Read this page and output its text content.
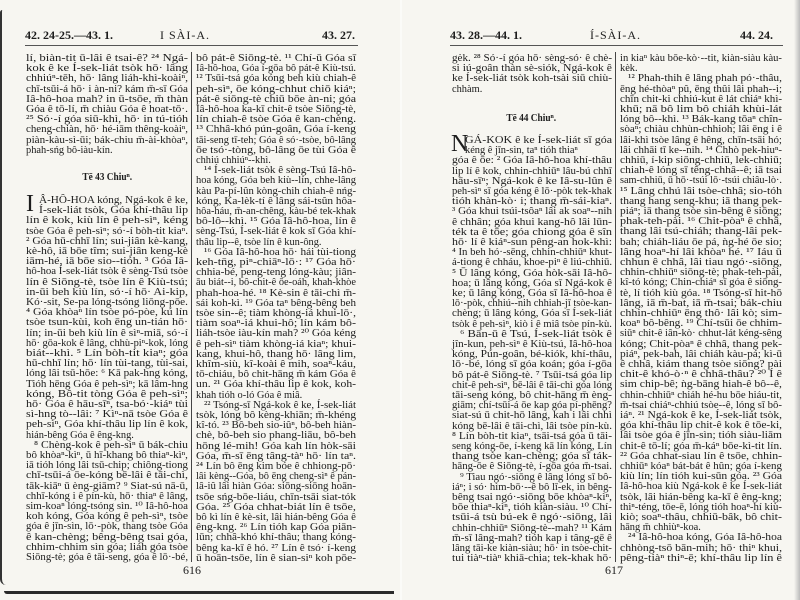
42. 24-25.—43. 1.	I SÀI-A.	43. 27.
lí, biàn-tit ū-lâi ê tsai-ê? ²⁴ Ngá-
kok ê ke Í-sek-liát tsòk hō· lâng
chhiúⁿ-tēh, hō· lâng liáh-khì-koàiⁿ,
chī-tsūi-á hō· i àn-ni? kám m̄-sī Góa
Iâ-hô-hoa mah? in ū-tsōe, m̄ thàn
Góa ê tō-lí, m̄ chiàu Góa ê hoat-tō·.
²⁵ Só·-í góa siū-khì, hō· in tú-tióh
cheng-chiàn, hō· hé-iām thêng-koàiⁿ,
piàn-kàu-sì-ūi; bák-chiu m̄-ài-khòaⁿ,
phah-sńg bô-iàu-kín.
Tē 43 Chiuⁿ.
I Â-HÔ-HOA kóng, Ngá-kok ê ke,
Í-sek-liát tsòk, Góa khí-thâu lip
lín ê kok, kiù lín ê peh-sìⁿ, kéng
tsòe Góa ê peh-sìⁿ; só·-í bòh-tit kiaⁿ.
² Góa hū-chhī lín; sui-jiân kè-kang,
kè-hô, iā bōe tîm; sui-jiân keng-kè
iām-hé, iā bōe sio--tióh. ³ Góa Iâ-
hô-hoa Í-sek-liát tsòk ê sèng-Tsú tsòe
lín ê Siōng-tè, tsòe lín ê Kiù-tsú;
in-ūi beh kiù lín, só·-í hō· Ai-kip,
Kó·-sit, Se-pa lóng-tsóng liōng-pōe.
⁴ Góa khòaⁿ lín tsòe pó-pòe, kú lín
tsòe tsun-kùi, koh ēng un-tián hō·
lín; in-ūi beh kiù lín ê sìⁿ-miā, só·-í
hō· gōa-kok ê lâng, chhù-piⁿ-kok, lóng
biát--khì. ⁵ Lín bòh-tit kiaⁿ; góa
hū-chhī lín; hō· lín tùi-tang, tùi-sai,
lóng lâi tsū-hōe: ⁶ Kā pak-hng kóng,
Tióh hēng Góa ê peh-sìⁿ; kā lâm-hng
kóng, Bô-tit tòng Góa ê peh-sìⁿ;
hō· Góa ê hāu-sīⁿ, tsa-bó·-kiáⁿ tùi
sì-hng tò--lâi: ⁷ Kìⁿ-nā tsòe Góa ê
peh-sìⁿ, Góa khí-thâu lip lín ê kok,
hián-bêng Góa ê êng-kng.
⁸ Chèng-kok ê peh-sìⁿ ū bák-chiu
bô khòaⁿ-kìⁿ, ū hī-khang bô thiaⁿ-kìⁿ,
iā tióh lóng lâi tsū-chip; chiông-tiong
chī-tsūi-á ōe-kóng bē-lâi ê tāi-chì,
tāk-kiāⁿ ū èng-giām? ⁹ Siat-sú nā-ū,
chhī-kóng i ê pín-kù, hō· thiaⁿ ê lâng,
sim-koaⁿ lóng-tsóng sìn. ¹⁰ Iâ-hô-hoa
koh kóng, Góa kóng ê peh-sìⁿ, tsòe
góa ê jīn-sìn, lō·-pòk, thang tsòe Góa
ê kan-chèng; bêng-bêng tsai góa,
chhim-chhim sìn góa; liáh góa tsòe
Siōng-tè; góa ê tāi-seng, góa ê lō·-bé,
bô pát-ê Siōng-tè. ¹¹ Chí-ū Góa sī
Iâ-hô-hoa, Góa í-gōa bô pát-ê Kiù-tsú.
¹² Tsūi-tsá góa kóng beh kiù chiah-ê
peh-sìⁿ, ōe kóng-chhut chiō kiáⁿ;
pát-ê siōng-tè chiū bōe àn-ni; góa
Iâ-hô-hoa ka-kī chit-ê tsòe Siōng-tè,
lín chiah-ê tsòe Góa ê kan-chèng.
¹³ Chhâ-khó pún-goân, Góa í-keng
tāi-seng tī-teh; Góa ê só·-tsòe, bô-lâng
ōe tsó·-tòng, bô-lâng ōe tùi Góa ê
chhiú chhiúⁿ--khì.
¹⁴ Í-sek-liát tsòk ê sèng-Tsú Iâ-hô-
hoa kóng, Góa beh kiù--lín, chhe-lâng
kàu Pa-pí-lûn kòng-chih chiah-ê nńg-
kóng, Ka-lèk-tí ê lâng sái-tsûn hôa-
hôa-háu, m̄-an-chêng, kàu-bé tek-khak
bô-lô--khì. ¹⁵ Góa Iâ-hô-hoa, lín ê
sèng-Tsú, Í-sek-liát ê kok sī Góa khí-
thâu lip--ê, tsòe lín ê kun-ông.
¹⁶ Góa Iâ-hô-hoa hō· hái tùi-tiong
keh-tn̄g, piⁿ-chiāⁿ-lō·: ¹⁷ Góa hō·
chhia-bé, peng-teng lóng-kàu; jiân-
āu biát--i, bô-chit-ê ōe-oáh, khah-khòe
phah-hoa-hé. ¹⁸ Kè-sin ê tāi-chì m̄-
sái koh-kì. ¹⁹ Góa taⁿ bêng-bêng beh
tsòe sin--ê; tiàm khòng-iá khui-lō·,
tiàm soaⁿ-iá khui-hô; lín kám bô-
liáh-tsòe iàu-kín mah? ²⁰ Góa kéng
ê peh-sìⁿ tiàm khòng-iá kiaⁿ; khui-
kang, khui-hô, thang hō· lâng lim,
khîm-siù, kî-koài ê mih, soaⁿ-káu,
tō-chiáu, bô chit-hāng m̄ kám Góa ê
un. ²¹ Góa khí-thâu lip ê kok, koh-
khah tióh o-ló Góa ê miâ.
²² Tsóng-sī Ngá-kok ê ke, Í-sek-liát
tsòk, lóng bô kèng-khiān; m̄-khéng
kî-tó. ²³ Bô-beh sio-iûⁿ, bô-beh hiàn-
chè, bô-beh sio phang-liāu, bô-beh
hōng lé-mih! Góa kah lín hòk-sāi
Góa, m̄-sī ēng tâng-tàⁿ hō· lín taⁿ.
²⁴ Lín bô ēng kim bóe ê chhiong-pō·
lâi kèng--Góa, bô ēng cheng-sìⁿ ê pán-
lâ-iû lâi hiàn Góa: siōng-siōng hoān-
tsōe sńg-bōe-liáu, chīn-tsāi siat-tók
Góa. ²⁵ Góa chhat-biát lín ê tsōe,
bô kì lín ê kè-sit, lâi hián-bêng Góa ê
êng-kng. ²⁶ Lín tióh kap Góa piān-
lūn; chhâ-khó khí-thâu; thang kóng-
bêng ka-kī ê hó. ²⁷ Lín ê tsó· í-keng
ū hoān-tsōe, lín ê sian-siⁿ koh pōe-
616
43. 28.—44. 1.	Í-SÀI-A.	44. 24.
gėk. ²⁸ Só·-í góa hō· sèng-só· ê chè-
si iú-goân thàn sè-siók, Ngá-kok ê
ke Í-sek-liát tsòk koh-tsài siū chiù-
chhàm.
Tē 44 Chiuⁿ.
N
GÁ-KOK ê ke Í-sek-liát sī góa
kéng ê jīn-sìn, taⁿ tióh thiaⁿ
góa ê ōe: ² Góa Iâ-hô-hoa khí-thâu
lip lí ê kok, chhin-chhiūⁿ lâu-bú chhī
hāu-sīⁿ; Ngá-kok ê ke Iâ-su-lûn ê
peh-sìⁿ sī góa kéng ê lō·-pòk tek-khak
tióh khàn-kò· i; thang m̄-sái-kiaⁿ.
³ Góa khui tsúi-tsôaⁿ lâi ak soaⁿ--nih
ê chhân; góa khui kang-hô lâi lūn-
ték ta ê tōe; góa chiong góa ê sîn
hō· lí ê kiáⁿ-sun pêng-an hok-khì:
⁴ In beh hó·-sēng, chhin-chhiūⁿ khut-
á-tiong ê chháu, khoe-piⁿ ê liú-chhiū.
⁵ Ū lâng kóng, Góa hòk-sāi Iâ-hô-
hoa; ū lâng kóng, Góa sī Ngá-kok ê
ke; ū lâng kóng, Góa sī Iâ-hô-hoa ê
lō·-pòk, chhiú--nih chhiah-jī tsòe-kan-
chèng; ū lâng kóng, Góa sī Í-sek-liát
tsòk ê peh-sìⁿ, kiò i ê miâ tsòe pín-kù.
⁶ Bān-ū ê Tsú, Í-sek-liát tsòk ê
jîn-kun, peh-sìⁿ ê Kiù-tsú, Iâ-hô-hoa
kóng, Pún-goân, bé-kiók, khí-thâu,
lō·-bé, lóng sī góa koán; góa í-gōa
bô pát-ê Siōng-tè. ⁷ Tsūi-tsá góa lip
chit-ê peh-sìⁿ, bē-lâi ê tāi-chì góa lóng
tāi-seng kóng, bô chit-hāng m̄ èng-
giām; chí-tsūi-á ōe kap góa pí-phēng?
siat-sú ū chit-hō lâng, kah i lâi chhì
kóng bē-lâi ê tāi-chì, lâi tsòe pín-kù.
⁸ Lín bòh-tit kiaⁿ, tsāi-tsá góa ū tāi-
seng kóng-ōe, í-keng kā lín kóng, Lín
thang tsòe kan-chèng; góa sī ták-
hāng-ōe ê Siōng-tè, í-gōa góa m̄-tsai.
⁹ Tiau ngó·-siōng ê lâng lóng sī bô-
iáⁿ; i só· hìm-bō·--ê bô lī-ek, in bêng-
bêng tsai ngó·-siōng bōe khòaⁿ-kìⁿ,
bōe thiaⁿ-kìⁿ, tióh kiàn-siàu. ¹⁰ Chí-
tsūi-á tsù bú-ek ê ngó·-siōng, lâi
chhin-chhiūⁿ Siōng-tè--mah? ¹¹ Kám
m̄-sī lâng-mah? tióh kap i tâng-gē ê
lâng tāi-ke kiàn-siàu; hō· in tsòe-chit-
tui tiàⁿ-tiàⁿ khiā-chia; tek-khak hō·
in kiaⁿ kàu bōe-kò·--tit, kiàn-siàu kàu-
kèk.
¹² Phah-thih ê lâng phah pó·-thâu,
ēng hé-thòaⁿ pû, ēng thûi lâi phah--i;
chīn chit-ki chhiú-kut ê lát chiáⁿ khì-
khū; nā bô lim bô chiáh khùi-lát
lóng bô--khì. ¹³ Bák-kang tōaⁿ chîn-
sòaⁿ; chiàu chhùn-chhioh; lâi ēng i ê
lâi-khì tsòe lâng ê hêng, chīn-tsāi hó;
lâi chhāi tī ke--nih. ¹⁴ Chhò pek-hiuⁿ-
chhiū, í-kip siōng-chhiū, lek-chhiū;
chiah-ê lóng sī têng-chhâ--ê; iā tsai
sam-chhiū, ū hō·-tsúi lō·-tsúi chiâu-lò·.
¹⁵ Lâng chhú lâi tsòe-chhâ; sio-tóh
thang hang seng-khu; iā thang pek-
piáⁿ; iā thang tsòe sìn-bêng ê siōng;
phak-teh-pài. ¹⁶ Chit-pòaⁿ ê chhâ,
thang lâi tsú-chiáh; thang-lâi pek-
bah; chiáh-liáu ōe pá, ǹg-hé ōe sio;
lâng hoaⁿ-hí lâi khòaⁿ hé. ¹⁷ Iáu ū
chhun ê chhâ, lâi tiau ngó·-siōng,
chhin-chhiūⁿ siōng-tè; phak-teh-pài,
kî-tó kóng; Chin-chiáⁿ sī góa ê siōng-
tè, lí tióh kiù góa. ¹⁸ Tsóng-sī hit-hō
lâng, iā m̄-bat, iā m̄-tsai; bák-chiu
chhin-chhiūⁿ ēng thô· lâi kò; sim-
koaⁿ bô-bêng. ¹⁹ Chí-tsūi ōe chhim-
siūⁿ chit-ê iân-kò· chhut-lát kéng-sêng
kóng; Chit-pòaⁿ ê chhâ, thang pek-
piáⁿ, pek-bah, lâi chiáh kàu-pá; kì-ū
ê chhâ, kiám thang tsòe siōng? pài
chit-ê khó-ò·ⁿ ê chhâ-thâu? ²⁰ Í ê
sim chip-bê; ǹg-bāng hiah-ê bô--ê,
chhin-chhiūⁿ chiáh hé-hu bōe hiáu-tit,
m̄-tsai chiáⁿ-chhiú tsòe--ê, lóng sī bô-
iáⁿ. ²¹ Ngá-kok ê ke, Í-sek-liát tsòk,
góa khí-thâu lip chit-ê kok ê tōe-ki,
lâi tsòe góa ê jīn-sìn; tióh siàu-liām
chit-ê tō-lí; góa m̄-káⁿ bōe-kì-tit lín.
²² Góa chhat-siau lín ê tsōe, chhin-
chhiūⁿ kóaⁿ bát-bát ê hûn; góa í-keng
kiù lín; lín tióh kui-sūn góa. ²³ Góa
Iâ-hô-hoa kiù Ngá-kok ê ke Í-sek-liát
tsòk, lâi hián-bêng ka-kī ê êng-kng;
thiⁿ-téng, tōe-ē, lóng tióh hoaⁿ-hí kiù-
kiò; soaⁿ-thâu, chhiū-bâk, bô chit-
hāng m̄ chhiùⁿ-koa.
²⁴ Iâ-hô-hoa kóng, Góa Iâ-hô-hoa
chhòng-tsō bān-mih; hō· thiⁿ khui,
pêng-tiàⁿ thiⁿ-ē; khí-thâu lip lín ê
617
